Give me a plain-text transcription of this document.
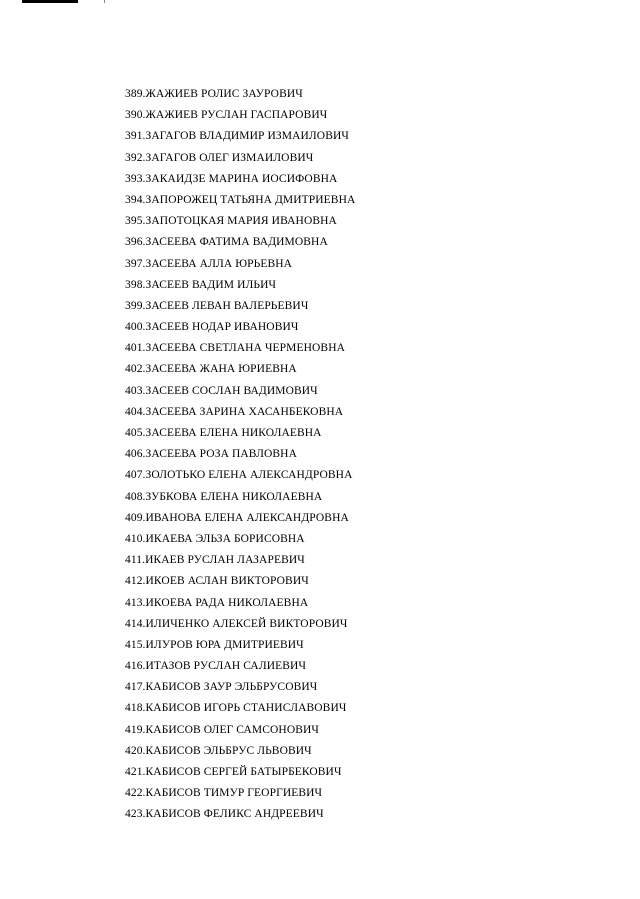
389.ЖАЖИЕВ РОЛИС ЗАУРОВИЧ
390.ЖАЖИЕВ РУСЛАН ГАСПАРОВИЧ
391.ЗАГАГОВ ВЛАДИМИР ИЗМАИЛОВИЧ
392.ЗАГАГОВ ОЛЕГ ИЗМАИЛОВИЧ
393.ЗАКАИДЗЕ МАРИНА ИОСИФОВНА
394.ЗАПОРОЖЕЦ ТАТЬЯНА ДМИТРИЕВНА
395.ЗАПОТОЦКАЯ МАРИЯ ИВАНОВНА
396.ЗАСЕЕВА ФАТИМА ВАДИМОВНА
397.ЗАСЕЕВА АЛЛА ЮРЬЕВНА
398.ЗАСЕЕВ ВАДИМ ИЛЬИЧ
399.ЗАСЕЕВ ЛЕВАН ВАЛЕРЬЕВИЧ
400.ЗАСЕЕВ НОДАР ИВАНОВИЧ
401.ЗАСЕЕВА СВЕТЛАНА ЧЕРМЕНОВНА
402.ЗАСЕЕВА ЖАНА ЮРИЕВНА
403.ЗАСЕЕВ СОСЛАН ВАДИМОВИЧ
404.ЗАСЕЕВА ЗАРИНА ХАСАНБЕКОВНА
405.ЗАСЕЕВА ЕЛЕНА НИКОЛАЕВНА
406.ЗАСЕЕВА РОЗА ПАВЛОВНА
407.ЗОЛОТЬКО ЕЛЕНА АЛЕКСАНДРОВНА
408.ЗУБКОВА ЕЛЕНА НИКОЛАЕВНА
409.ИВАНОВА ЕЛЕНА АЛЕКСАНДРОВНА
410.ИКАЕВА ЭЛЬЗА БОРИСОВНА
411.ИКАЕВ РУСЛАН ЛАЗАРЕВИЧ
412.ИКОЕВ АСЛАН ВИКТОРОВИЧ
413.ИКОЕВА РАДА НИКОЛАЕВНА
414.ИЛИЧЕНКО АЛЕКСЕЙ ВИКТОРОВИЧ
415.ИЛУРОВ ЮРА ДМИТРИЕВИЧ
416.ИТАЗОВ РУСЛАН САЛИЕВИЧ
417.КАБИСОВ ЗАУР ЭЛЬБРУСОВИЧ
418.КАБИСОВ ИГОРЬ СТАНИСЛАВОВИЧ
419.КАБИСОВ ОЛЕГ САМСОНОВИЧ
420.КАБИСОВ ЭЛЬБРУС ЛЬВОВИЧ
421.КАБИСОВ СЕРГЕЙ БАТЫРБЕКОВИЧ
422.КАБИСОВ ТИМУР ГЕОРГИЕВИЧ
423.КАБИСОВ ФЕЛИКС АНДРЕЕВИЧ
